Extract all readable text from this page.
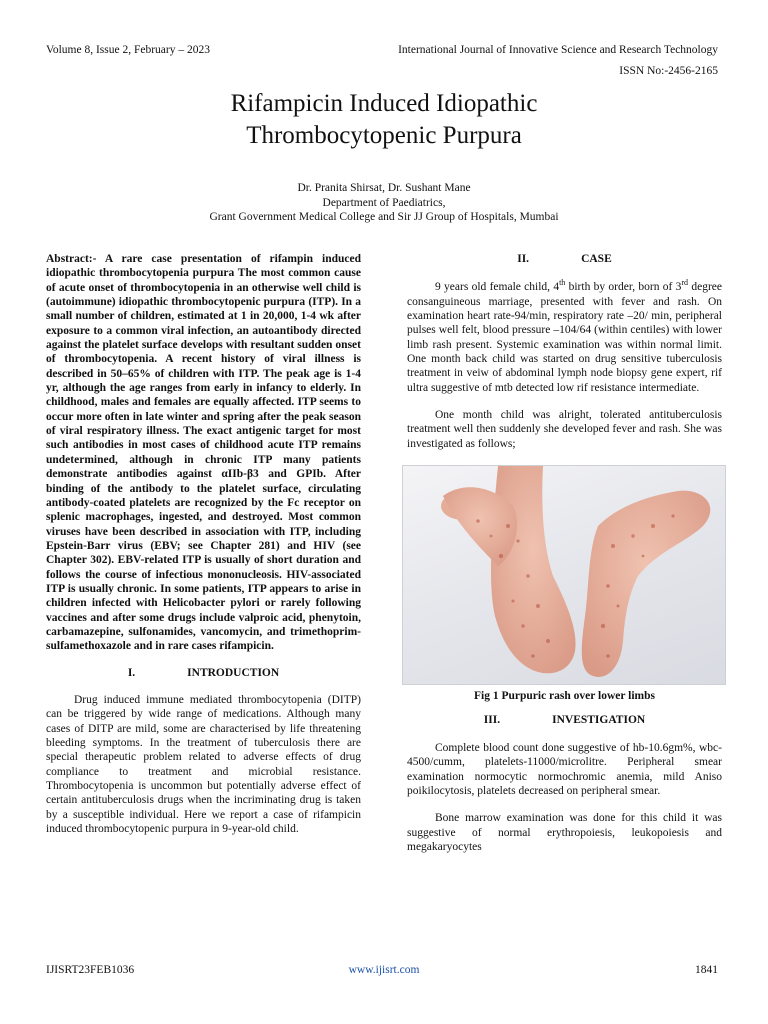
Volume 8, Issue 2, February – 2023	International Journal of Innovative Science and Research Technology
ISSN No:-2456-2165
Rifampicin Induced Idiopathic
Thrombocytopenic Purpura
Dr. Pranita Shirsat, Dr. Sushant Mane
Department of Paediatrics,
Grant Government Medical College and Sir JJ Group of Hospitals, Mumbai

Abstract:- A rare case presentation of rifampin induced idiopathic thrombocytopenia purpura The most common cause of acute onset of thrombocytopenia in an otherwise well child is (autoimmune) idiopathic thrombocytopenic purpura (ITP). In a small number of children, estimated at 1 in 20,000, 1-4 wk after exposure to a common viral infection, an autoantibody directed against the platelet surface develops with resultant sudden onset of thrombocytopenia. A recent history of viral illness is described in 50–65% of children with ITP. The peak age is 1-4 yr, although the age ranges from early in infancy to elderly. In childhood, males and females are equally affected. ITP seems to occur more often in late winter and spring after the peak season of viral respiratory illness. The exact antigenic target for most such antibodies in most cases of childhood acute ITP remains undetermined, although in chronic ITP many patients demonstrate antibodies against αIIb-β3 and GPIb. After binding of the antibody to the platelet surface, circulating antibody-coated platelets are recognized by the Fc receptor on splenic macrophages, ingested, and destroyed. Most common viruses have been described in association with ITP, including Epstein-Barr virus (EBV; see Chapter 281) and HIV (see Chapter 302). EBV-related ITP is usually of short duration and follows the course of infectious mononucleosis. HIV-associated ITP is usually chronic. In some patients, ITP appears to arise in children infected with Helicobacter pylori or rarely following vaccines and after some drugs include valproic acid, phenytoin, carbamazepine, sulfonamides, vancomycin, and trimethoprim-sulfamethoxazole and in rare cases rifampicin.

I.	INTRODUCTION

Drug induced immune mediated thrombocytopenia (DITP) can be triggered by wide range of medications. Although many cases of DITP are mild, some are characterised by life threatening bleeding symptoms. In the treatment of tuberculosis there are special therapeutic problem related to adverse effects of drug compliance to treatment and microbial resistance. Thrombocytopenia is uncommon but potentially adverse effect of certain antituberculosis drugs when the incriminating drug is taken by a susceptible individual. Here we report a case of rifampicin induced thrombocytopenic purpura in 9-year-old child.

II.	CASE

9 years old female child, 4th birth by order, born of 3rd degree consanguineous marriage, presented with fever and rash. On examination heart rate-94/min, respiratory rate –20/ min, peripheral pulses well felt, blood pressure –104/64 (within centiles) with lower limb rash present. Systemic examination was within normal limit. One month back child was started on drug sensitive tuberculosis treatment in veiw of abdominal lymph node biopsy gene expert, rif ultra suggestive of mtb detected low rif resistance intermediate.

One month child was alright, tolerated antituberculosis treatment well then suddenly she developed fever and rash. She was investigated as follows;

Fig 1 Purpuric rash over lower limbs

III.	INVESTIGATION

Complete blood count done suggestive of hb-10.6gm%, wbc-4500/cumm, platelets-11000/microlitre. Peripheral smear examination normocytic normochromic anemia, mild Aniso poikilocytosis, platelets decreased on peripheral smear.

Bone marrow examination was done for this child it was suggestive of normal erythropoiesis, leukopoiesis and megakaryocytes

IJISRT23FEB1036	www.ijisrt.com	1841
